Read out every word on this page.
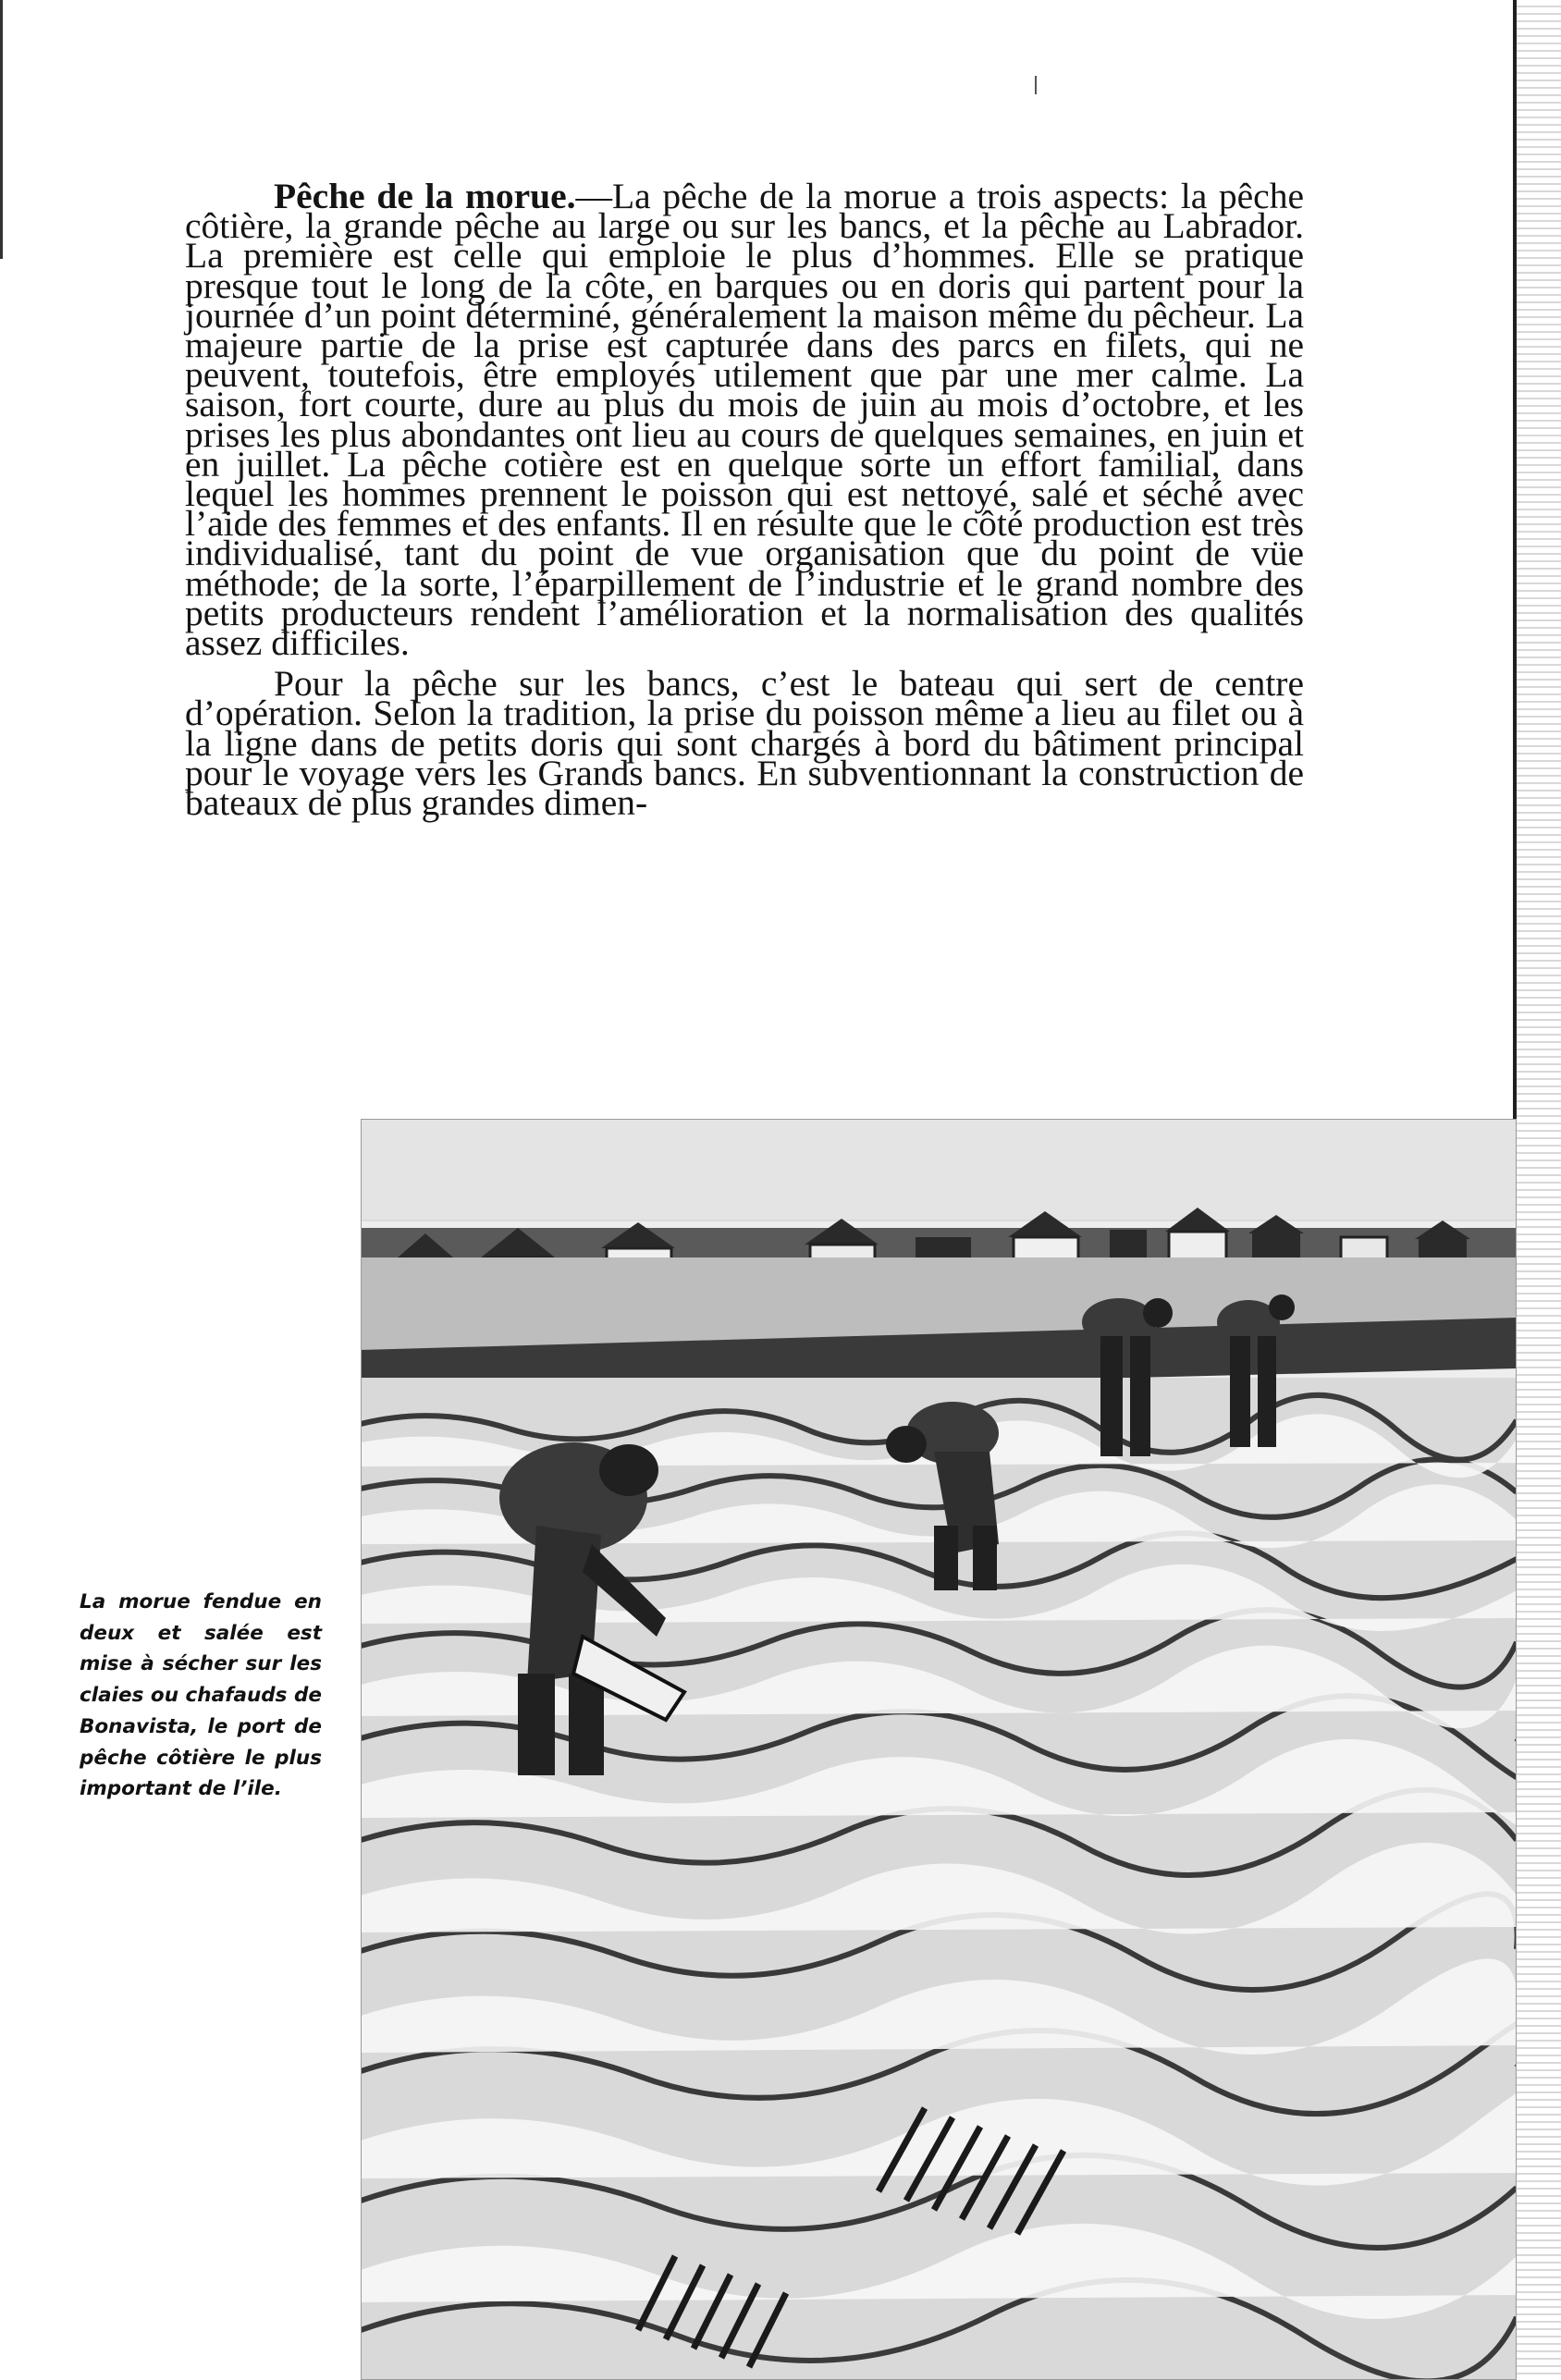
Pêche de la morue.—La pêche de la morue a trois aspects: la pêche côtière, la grande pêche au large ou sur les bancs, et la pêche au Labrador. La première est celle qui emploie le plus d’hommes. Elle se pratique presque tout le long de la côte, en barques ou en doris qui partent pour la journée d’un point déterminé, généralement la maison même du pêcheur. La majeure partie de la prise est capturée dans des parcs en filets, qui ne peuvent, toutefois, être employés utilement que par une mer calme. La saison, fort courte, dure au plus du mois de juin au mois d’octobre, et les prises les plus abondantes ont lieu au cours de quelques semaines, en juin et en juillet. La pêche cotière est en quelque sorte un effort familial, dans lequel les hommes prennent le poisson qui est nettoyé, salé et séché avec l’aide des femmes et des enfants. Il en résulte que le côté production est très individualisé, tant du point de vue organisation que du point de vüe méthode; de la sorte, l’éparpillement de l’industrie et le grand nombre des petits producteurs rendent l’amélioration et la normalisation des qualités assez difficiles.

Pour la pêche sur les bancs, c’est le bateau qui sert de centre d’opération. Selon la tradition, la prise du poisson même a lieu au filet ou à la ligne dans de petits doris qui sont chargés à bord du bâtiment principal pour le voyage vers les Grands bancs. En subventionnant la construction de bateaux de plus grandes dimen-

La morue fendue en deux et salée est mise à sécher sur les claies ou chafauds de Bonavista, le port de pêche côtière le plus important de l’ile.
